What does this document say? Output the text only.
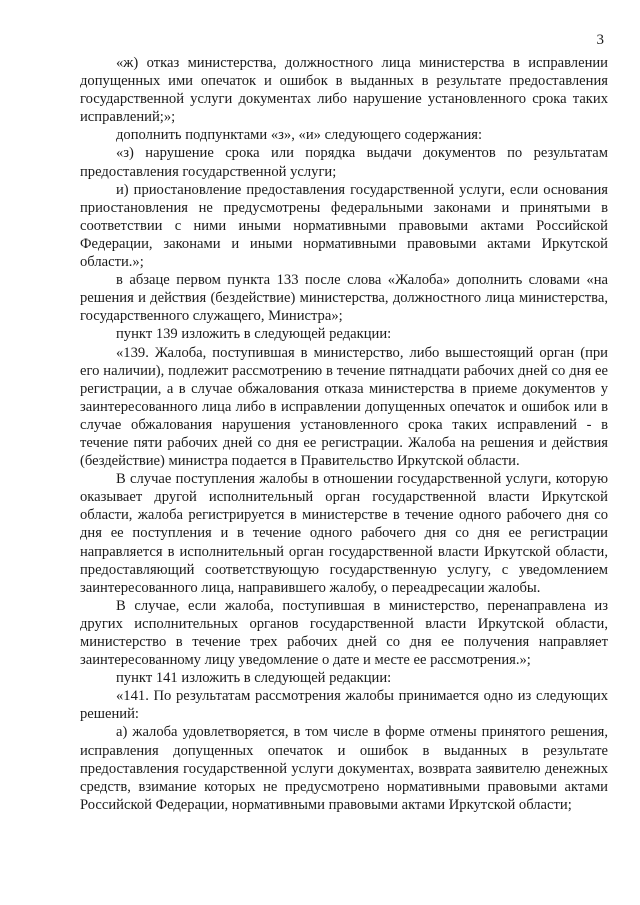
3

«ж) отказ министерства, должностного лица министерства в исправлении допущенных ими опечаток и ошибок в выданных в результате предоставления государственной услуги документах либо нарушение установленного срока таких исправлений;»;

дополнить подпунктами «з», «и» следующего содержания:

«з) нарушение срока или порядка выдачи документов по результатам предоставления государственной услуги;

и) приостановление предоставления государственной услуги, если основания приостановления не предусмотрены федеральными законами и принятыми в соответствии с ними иными нормативными правовыми актами Российской Федерации, законами и иными нормативными правовыми актами Иркутской области.»;

в абзаце первом пункта 133 после слова «Жалоба» дополнить словами «на решения и действия (бездействие) министерства, должностного лица министерства, государственного служащего, Министра»;

пункт 139 изложить в следующей редакции:

«139. Жалоба, поступившая в министерство, либо вышестоящий орган (при его наличии), подлежит рассмотрению в течение пятнадцати рабочих дней со дня ее регистрации, а в случае обжалования отказа министерства в приеме документов у заинтересованного лица либо в исправлении допущенных опечаток и ошибок или в случае обжалования нарушения установленного срока таких исправлений - в течение пяти рабочих дней со дня ее регистрации. Жалоба на решения и действия (бездействие) министра подается в Правительство Иркутской области.

В случае поступления жалобы в отношении государственной услуги, которую оказывает другой исполнительный орган государственной власти Иркутской области, жалоба регистрируется в министерстве в течение одного рабочего дня со дня ее поступления и в течение одного рабочего дня со дня ее регистрации направляется в исполнительный орган государственной власти Иркутской области, предоставляющий соответствующую государственную услугу, с уведомлением заинтересованного лица, направившего жалобу, о переадресации жалобы.

В случае, если жалоба, поступившая в министерство, перенаправлена из других исполнительных органов государственной власти Иркутской области, министерство в течение трех рабочих дней со дня ее получения направляет заинтересованному лицу уведомление о дате и месте ее рассмотрения.»;

пункт 141 изложить в следующей редакции:

«141. По результатам рассмотрения жалобы принимается одно из следующих решений:

а) жалоба удовлетворяется, в том числе в форме отмены принятого решения, исправления допущенных опечаток и ошибок в выданных в результате предоставления государственной услуги документах, возврата заявителю денежных средств, взимание которых не предусмотрено нормативными правовыми актами Российской Федерации, нормативными правовыми актами Иркутской области;
